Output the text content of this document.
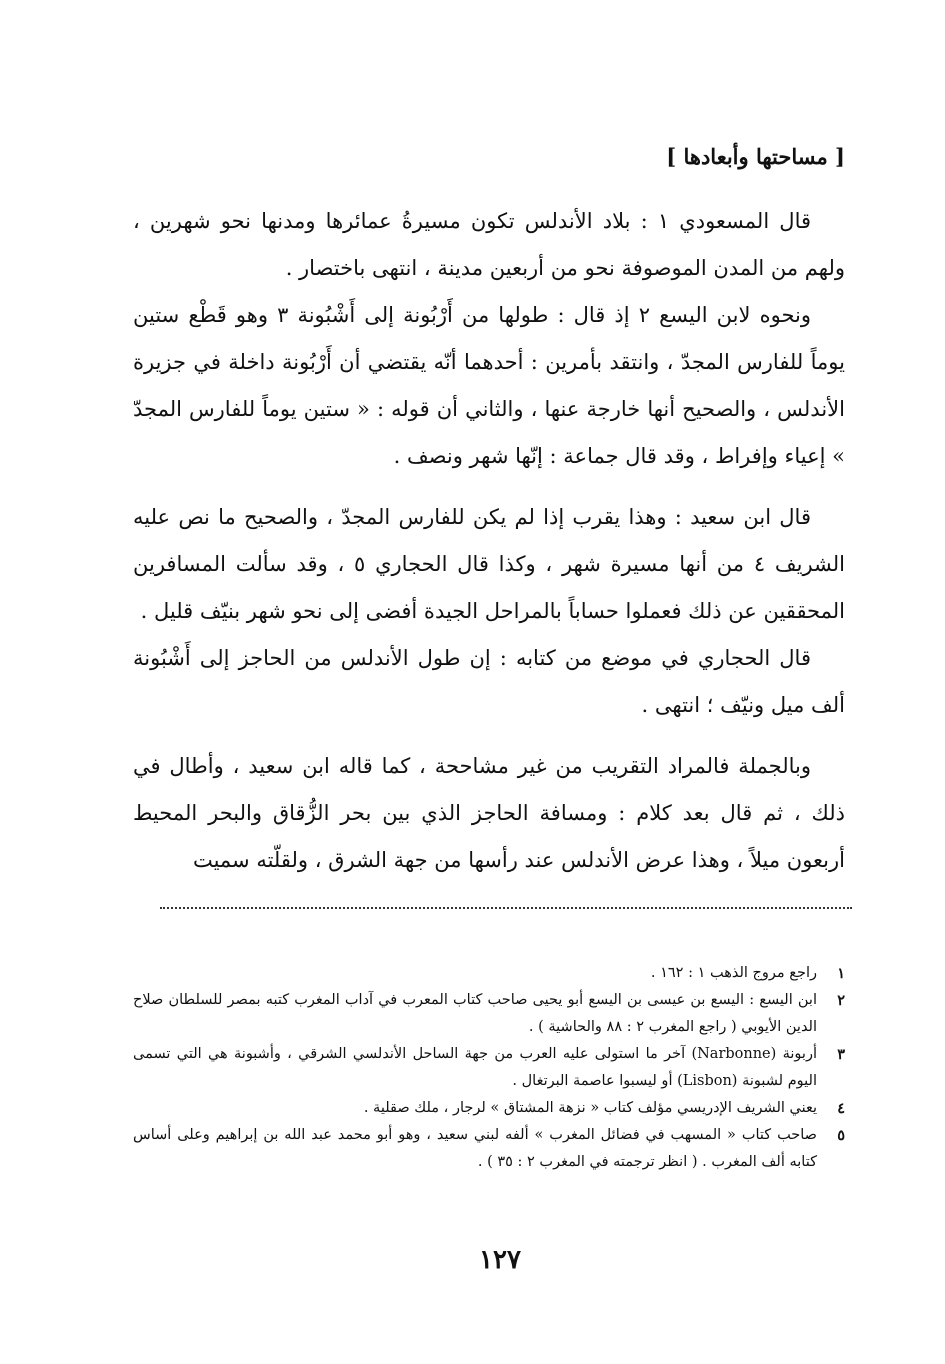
[ مساحتها وأبعادها ]

قال المسعودي ١ : بلاد الأندلس تكون مسيرةُ عمائرها ومدنها نحو شهرين ، ولهم من المدن الموصوفة نحو من أربعين مدينة ، انتهى باختصار .

ونحوه لابن اليسع ٢ إذ قال : طولها من أَرْبُونة إلى أَشْبُونة ٣ وهو قَطْع ستين يوماً للفارس المجدّ ، وانتقد بأمرين : أحدهما أنّه يقتضي أن أَرْبُونة داخلة في جزيرة الأندلس ، والصحيح أنها خارجة عنها ، والثاني أن قوله : « ستين يوماً للفارس المجدّ » إعياء وإفراط ، وقد قال جماعة : إنّها شهر ونصف .

قال ابن سعيد : وهذا يقرب إذا لم يكن للفارس المجدّ ، والصحيح ما نص عليه الشريف ٤ من أنها مسيرة شهر ، وكذا قال الحجاري ٥ ، وقد سألت المسافرين المحققين عن ذلك فعملوا حساباً بالمراحل الجيدة أفضى إلى نحو شهر بنيّف قليل .

قال الحجاري في موضع من كتابه : إن طول الأندلس من الحاجز إلى أَشْبُونة ألف ميل ونيّف ؛ انتهى .

وبالجملة فالمراد التقريب من غير مشاححة ، كما قاله ابن سعيد ، وأطال في ذلك ، ثم قال بعد كلام : ومسافة الحاجز الذي بين بحر الزُّقاق والبحر المحيط أربعون ميلاً ، وهذا عرض الأندلس عند رأسها من جهة الشرق ، ولقلّته سميت

١
راجع مروج الذهب ١ : ١٦٢ .
٢
ابن اليسع : اليسع بن عيسى بن اليسع أبو يحيى صاحب كتاب المعرب في آداب المغرب كتبه بمصر للسلطان صلاح الدين الأيوبي ( راجع المغرب ٢ : ٨٨ والحاشية ) .
٣
أربونة (Narbonne) آخر ما استولى عليه العرب من جهة الساحل الأندلسي الشرقي ، وأشبونة هي التي تسمى اليوم لشبونة (Lisbon) أو ليسبوا عاصمة البرتغال .
٤
يعني الشريف الإدريسي مؤلف كتاب « نزهة المشتاق » لرجار ، ملك صقلية .
٥
صاحب كتاب « المسهب في فضائل المغرب » ألفه لبني سعيد ، وهو أبو محمد عبد الله بن إبراهيم وعلى أساس كتابه ألف المغرب . ( انظر ترجمته في المغرب ٢ : ٣٥ ) .
١٢٧
